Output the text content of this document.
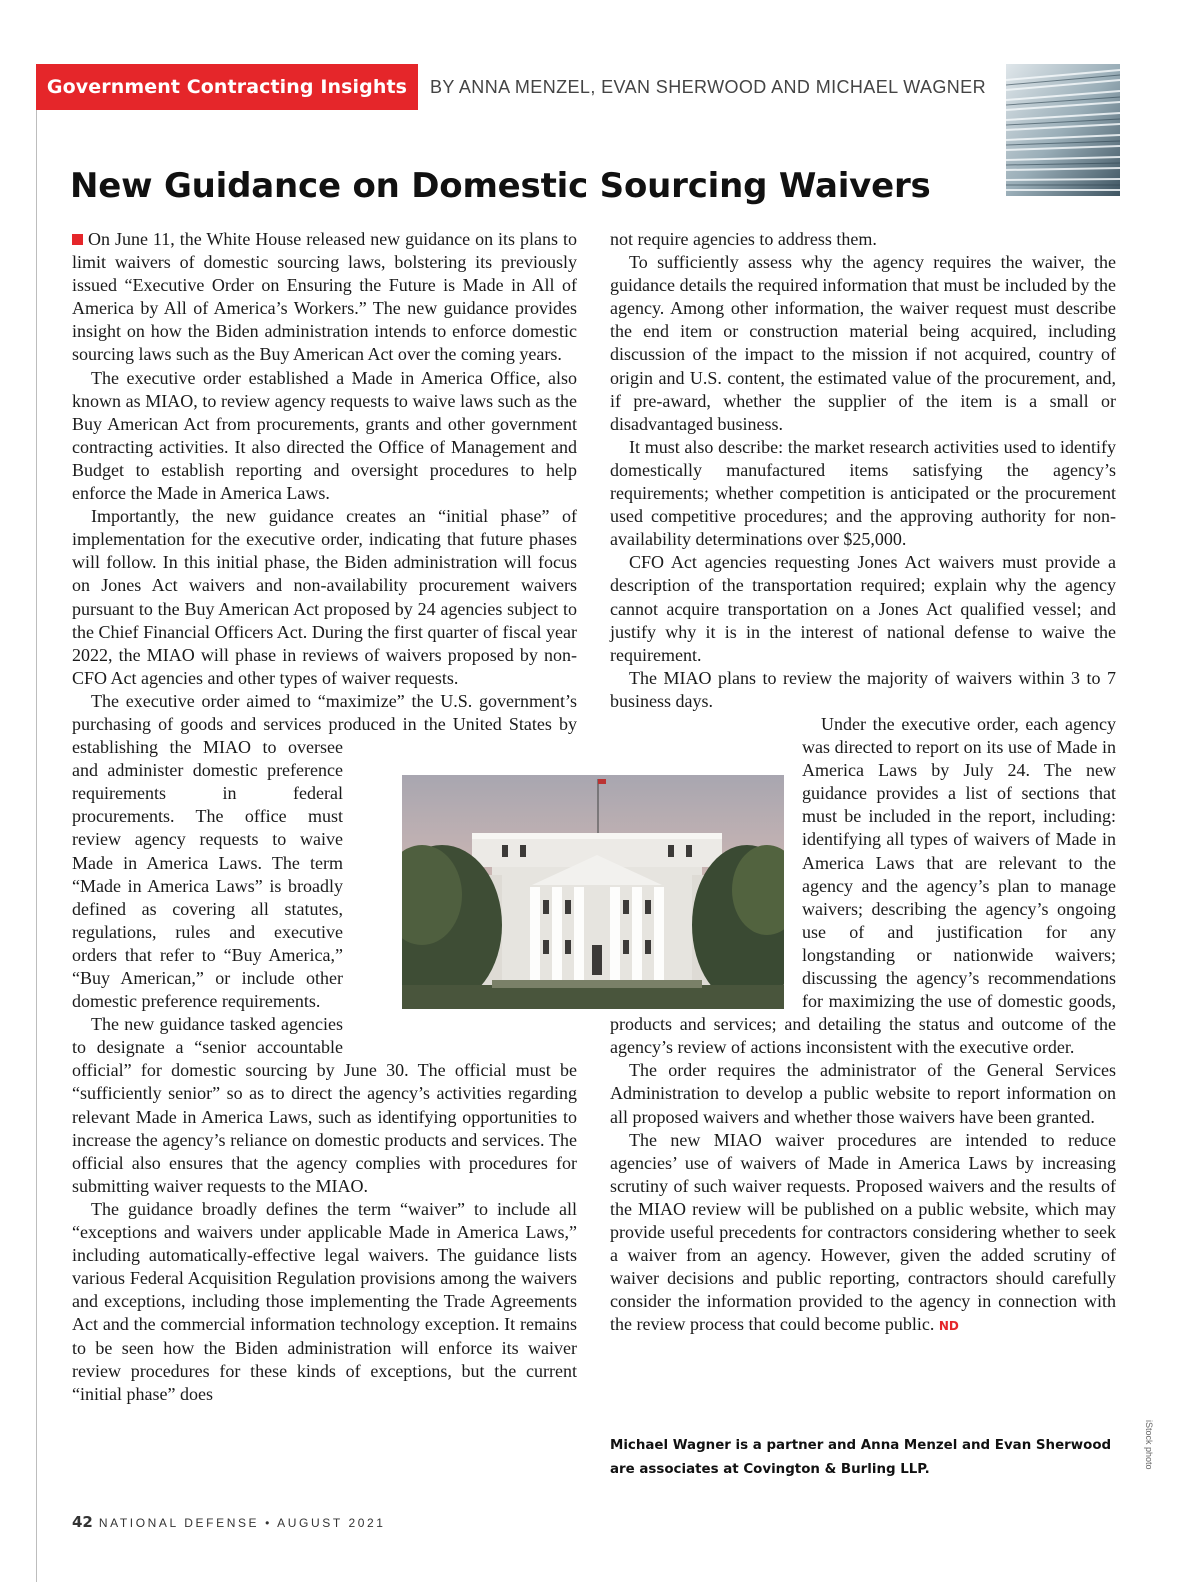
Government Contracting Insights	BY ANNA MENZEL, EVAN SHERWOOD AND MICHAEL WAGNER
New Guidance on Domestic Sourcing Waivers

On June 11, the White House released new guidance on its plans to limit waivers of domestic sourcing laws, bolstering its previously issued “Executive Order on Ensuring the Future is Made in All of America by All of America’s Workers.” The new guidance provides insight on how the Biden administration intends to enforce domestic sourcing laws such as the Buy American Act over the coming years.

The executive order established a Made in America Office, also known as MIAO, to review agency requests to waive laws such as the Buy American Act from procurements, grants and other government contracting activities. It also directed the Office of Management and Budget to establish reporting and oversight procedures to help enforce the Made in America Laws.

Importantly, the new guidance creates an “initial phase” of implementation for the executive order, indicating that future phases will follow. In this initial phase, the Biden administration will focus on Jones Act waivers and non-availability procurement waivers pursuant to the Buy American Act proposed by 24 agencies subject to the Chief Financial Officers Act. During the first quarter of fiscal year 2022, the MIAO will phase in reviews of waivers proposed by non-CFO Act agencies and other types of waiver requests.

The executive order aimed to “maximize” the U.S. government’s purchasing of goods and services produced in the United States by establishing the MIAO to oversee and administer domestic preference requirements in federal procurements. The office must review agency requests to waive Made in America Laws. The term “Made in America Laws” is broadly defined as covering all statutes, regulations, rules and executive orders that refer to “Buy America,” “Buy American,” or include other domestic preference requirements.

The new guidance tasked agencies to designate a “senior accountable official” for domestic sourcing by June 30. The official must be “sufficiently senior” so as to direct the agency’s activities regarding relevant Made in America Laws, such as identifying opportunities to increase the agency’s reliance on domestic products and services. The official also ensures that the agency complies with procedures for submitting waiver requests to the MIAO.

The guidance broadly defines the term “waiver” to include all “exceptions and waivers under applicable Made in America Laws,” including automatically-effective legal waivers. The guidance lists various Federal Acquisition Regulation provisions among the waivers and exceptions, including those implementing the Trade Agreements Act and the commercial information technology exception. It remains to be seen how the Biden administration will enforce its waiver review procedures for these kinds of exceptions, but the current “initial phase” does

not require agencies to address them.

To sufficiently assess why the agency requires the waiver, the guidance details the required information that must be included by the agency. Among other information, the waiver request must describe the end item or construction material being acquired, including discussion of the impact to the mission if not acquired, country of origin and U.S. content, the estimated value of the procurement, and, if pre-award, whether the supplier of the item is a small or disadvantaged business.

It must also describe: the market research activities used to identify domestically manufactured items satisfying the agency’s requirements; whether competition is anticipated or the procurement used competitive procedures; and the approving authority for non-availability determinations over $25,000.

CFO Act agencies requesting Jones Act waivers must provide a description of the transportation required; explain why the agency cannot acquire transportation on a Jones Act qualified vessel; and justify why it is in the interest of national defense to waive the requirement.

The MIAO plans to review the majority of waivers within 3 to 7 business days.

Under the executive order, each agency was directed to report on its use of Made in America Laws by July 24. The new guidance provides a list of sections that must be included in the report, including: identifying all types of waivers of Made in America Laws that are relevant to the agency and the agency’s plan to manage waivers; describing the agency’s ongoing use of and justification for any longstanding or nationwide waivers; discussing the agency’s recommendations for maximizing the use of domestic goods, products and services; and detailing the status and outcome of the agency’s review of actions inconsistent with the executive order.

The order requires the administrator of the General Services Administration to develop a public website to report information on all proposed waivers and whether those waivers have been granted.

The new MIAO waiver procedures are intended to reduce agencies’ use of waivers of Made in America Laws by increasing scrutiny of such waiver requests. Proposed waivers and the results of the MIAO review will be published on a public website, which may provide useful precedents for contractors considering whether to seek a waiver from an agency. However, given the added scrutiny of waiver decisions and public reporting, contractors should carefully consider the information provided to the agency in connection with the review process that could become public. ND

Michael Wagner is a partner and Anna Menzel and Evan Sherwood are associates at Covington & Burling LLP.	iStock photo
42 NATIONAL DEFENSE • AUGUST 2021
